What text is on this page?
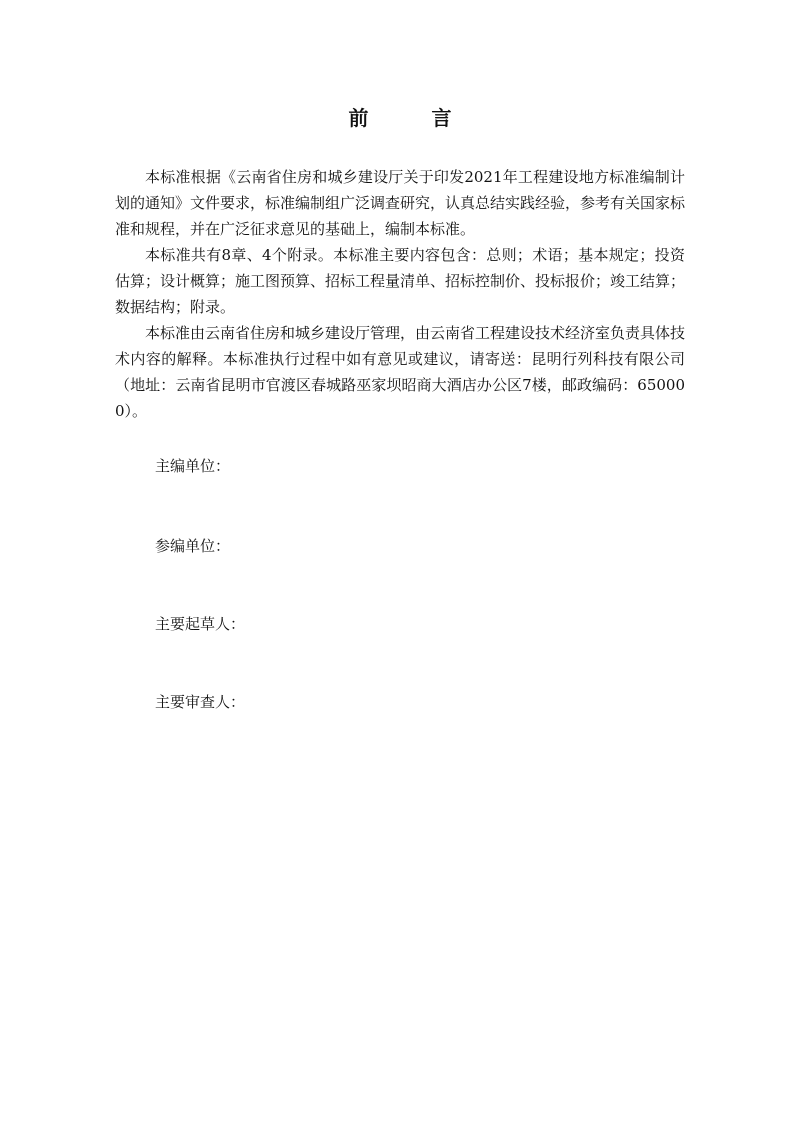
前 言

本标准根据《云南省住房和城乡建设厅关于印发2021年工程建设地方标准编制计划的通知》文件要求，标准编制组广泛调查研究，认真总结实践经验，参考有关国家标准和规程，并在广泛征求意见的基础上，编制本标准。

本标准共有8章、4个附录。本标准主要内容包含：总则；术语；基本规定；投资估算；设计概算；施工图预算、招标工程量清单、招标控制价、投标报价；竣工结算；数据结构；附录。

本标准由云南省住房和城乡建设厅管理，由云南省工程建设技术经济室负责具体技术内容的解释。本标准执行过程中如有意见或建议，请寄送：昆明行列科技有限公司（地址：云南省昆明市官渡区春城路巫家坝昭商大酒店办公区7楼，邮政编码：650000）。

主编单位：
参编单位：
主要起草人：
主要审查人：
